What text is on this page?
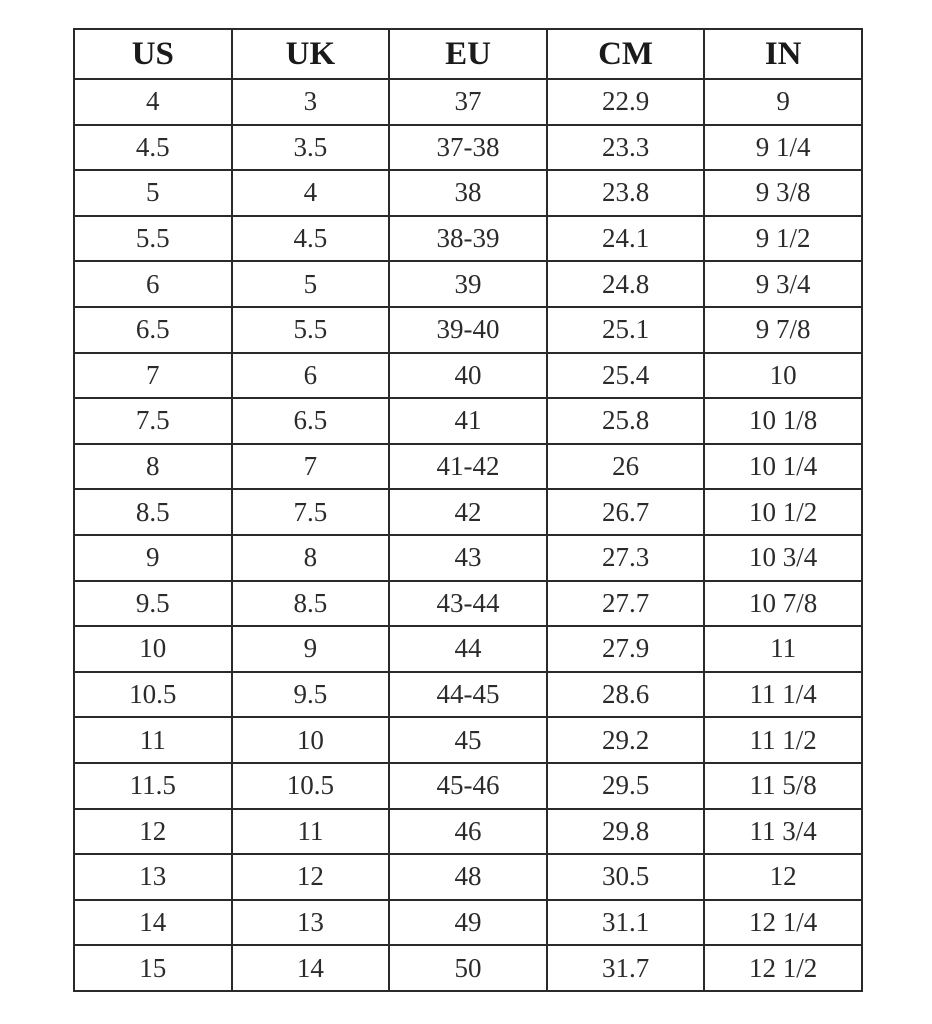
US	UK	EU	CM	IN
4	3	37	22.9	9
4.5	3.5	37-38	23.3	9 1/4
5	4	38	23.8	9 3/8
5.5	4.5	38-39	24.1	9 1/2
6	5	39	24.8	9 3/4
6.5	5.5	39-40	25.1	9 7/8
7	6	40	25.4	10
7.5	6.5	41	25.8	10 1/8
8	7	41-42	26	10 1/4
8.5	7.5	42	26.7	10 1/2
9	8	43	27.3	10 3/4
9.5	8.5	43-44	27.7	10 7/8
10	9	44	27.9	11
10.5	9.5	44-45	28.6	11 1/4
11	10	45	29.2	11 1/2
11.5	10.5	45-46	29.5	11 5/8
12	11	46	29.8	11 3/4
13	12	48	30.5	12
14	13	49	31.1	12 1/4
15	14	50	31.7	12 1/2
